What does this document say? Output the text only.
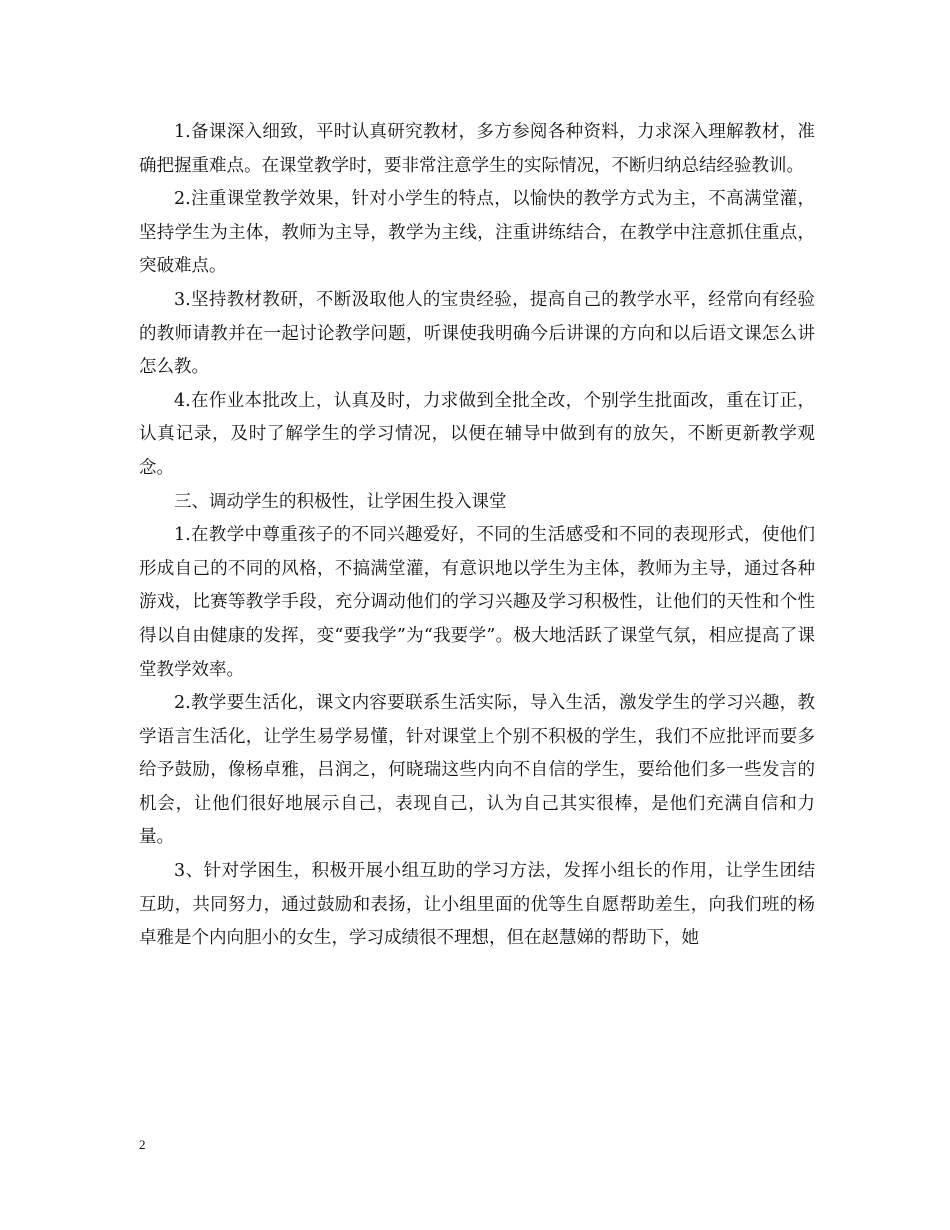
1.备课深入细致，平时认真研究教材，多方参阅各种资料，力求深入理解教材，准确把握重难点。在课堂教学时，要非常注意学生的实际情况，不断归纳总结经验教训。

2.注重课堂教学效果，针对小学生的特点，以愉快的教学方式为主，不高满堂灌，坚持学生为主体，教师为主导，教学为主线，注重讲练结合，在教学中注意抓住重点，突破难点。

3.坚持教材教研，不断汲取他人的宝贵经验，提高自己的教学水平，经常向有经验的教师请教并在一起讨论教学问题，听课使我明确今后讲课的方向和以后语文课怎么讲怎么教。

4.在作业本批改上，认真及时，力求做到全批全改，个别学生批面改，重在订正，认真记录，及时了解学生的学习情况，以便在辅导中做到有的放矢，不断更新教学观念。

三、调动学生的积极性，让学困生投入课堂

1.在教学中尊重孩子的不同兴趣爱好，不同的生活感受和不同的表现形式，使他们形成自己的不同的风格，不搞满堂灌，有意识地以学生为主体，教师为主导，通过各种游戏，比赛等教学手段，充分调动他们的学习兴趣及学习积极性，让他们的天性和个性得以自由健康的发挥，变“要我学”为“我要学”。极大地活跃了课堂气氛，相应提高了课堂教学效率。

2.教学要生活化，课文内容要联系生活实际，导入生活，激发学生的学习兴趣，教学语言生活化，让学生易学易懂，针对课堂上个别不积极的学生，我们不应批评而要多给予鼓励，像杨卓雅，吕润之，何晓瑞这些内向不自信的学生，要给他们多一些发言的机会，让他们很好地展示自己，表现自己，认为自己其实很棒，是他们充满自信和力量。

3、针对学困生，积极开展小组互助的学习方法，发挥小组长的作用，让学生团结互助，共同努力，通过鼓励和表扬，让小组里面的优等生自愿帮助差生，向我们班的杨卓雅是个内向胆小的女生，学习成绩很不理想，但在赵慧娣的帮助下，她

2
